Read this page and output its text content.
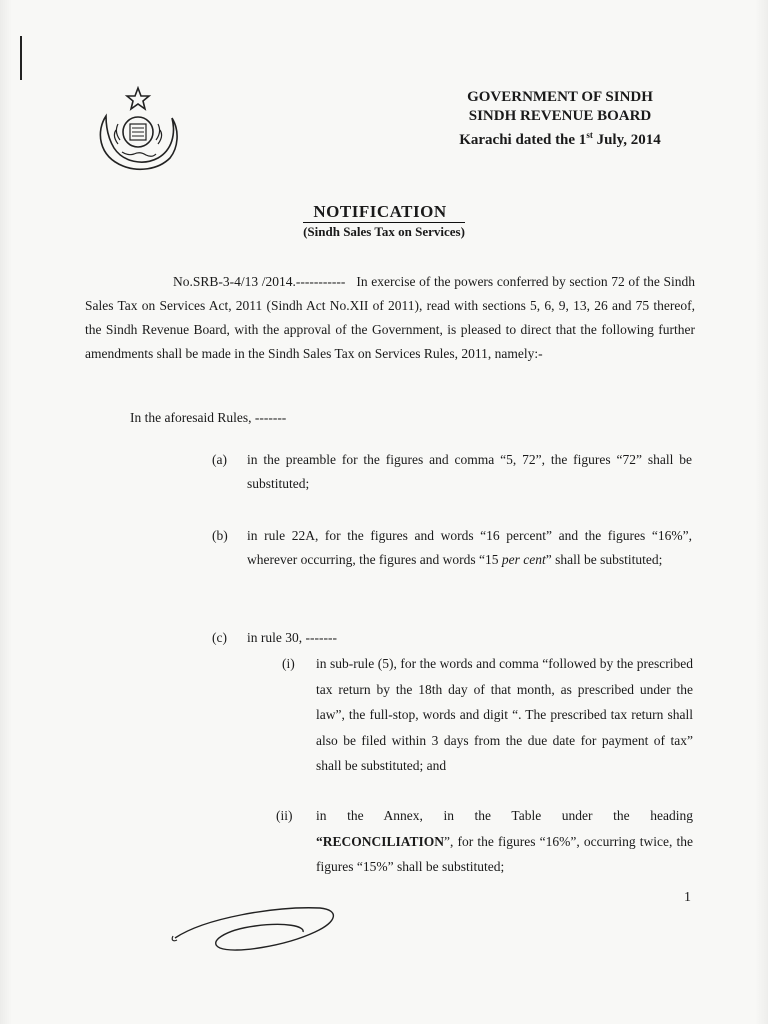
GOVERNMENT OF SINDH
SINDH REVENUE BOARD
Karachi dated the 1st July, 2014
NOTIFICATION
(Sindh Sales Tax on Services)
No.SRB-3-4/13 /2014.----------- In exercise of the powers conferred by section 72 of the Sindh Sales Tax on Services Act, 2011 (Sindh Act No.XII of 2011), read with sections 5, 6, 9, 13, 26 and 75 thereof, the Sindh Revenue Board, with the approval of the Government, is pleased to direct that the following further amendments shall be made in the Sindh Sales Tax on Services Rules, 2011, namely:-
In the aforesaid Rules, -------
(a) in the preamble for the figures and comma “5, 72”, the figures “72” shall be substituted;
(b) in rule 22A, for the figures and words “16 percent” and the figures “16%”, wherever occurring, the figures and words “15 per cent” shall be substituted;
(c) in rule 30, -------
(i) in sub-rule (5), for the words and comma “followed by the prescribed tax return by the 18th day of that month, as prescribed under the law”, the full-stop, words and digit “. The prescribed tax return shall also be filed within 3 days from the due date for payment of tax” shall be substituted; and
(ii) in the Annex, in the Table under the heading “RECONCILIATION”, for the figures “16%”, occurring twice, the figures “15%” shall be substituted;
1
